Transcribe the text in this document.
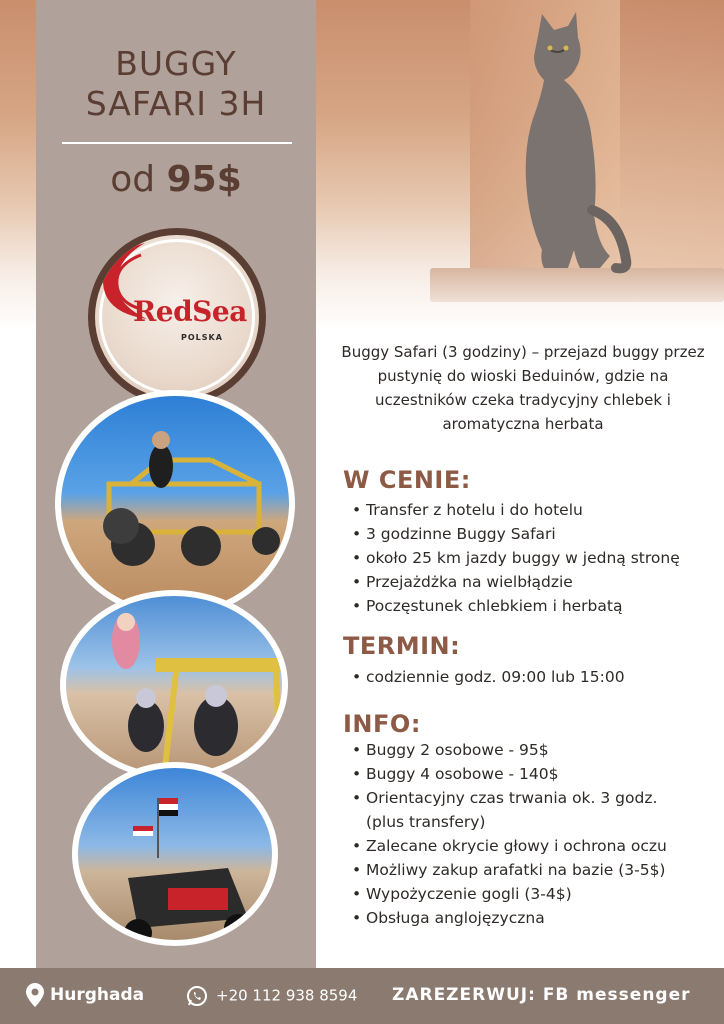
BUGGY
SAFARI 3H
od 95$
RedSea
POLSKA
Buggy Safari (3 godziny) – przejazd buggy przez pustynię do wioski Beduinów, gdzie na uczestników czeka tradycyjny chlebek i aromatyczna herbata
W CENIE:
• Transfer z hotelu i do hotelu
• 3 godzinne Buggy Safari
• około 25 km jazdy buggy w jedną stronę
• Przejażdżka na wielbłądzie
• Poczęstunek chlebkiem i herbatą
TERMIN:
• codziennie godz. 09:00 lub 15:00
INFO:
• Buggy 2 osobowe - 95$
• Buggy 4 osobowe - 140$
• Orientacyjny czas trwania ok. 3 godz.
(plus transfery)
• Zalecane okrycie głowy i ochrona oczu
• Możliwy zakup arafatki na bazie (3-5$)
• Wypożyczenie gogli (3-4$)
• Obsługa anglojęzyczna
Hurghada	+20 112 938 8594 ZAREZERWUJ: FB messenger
